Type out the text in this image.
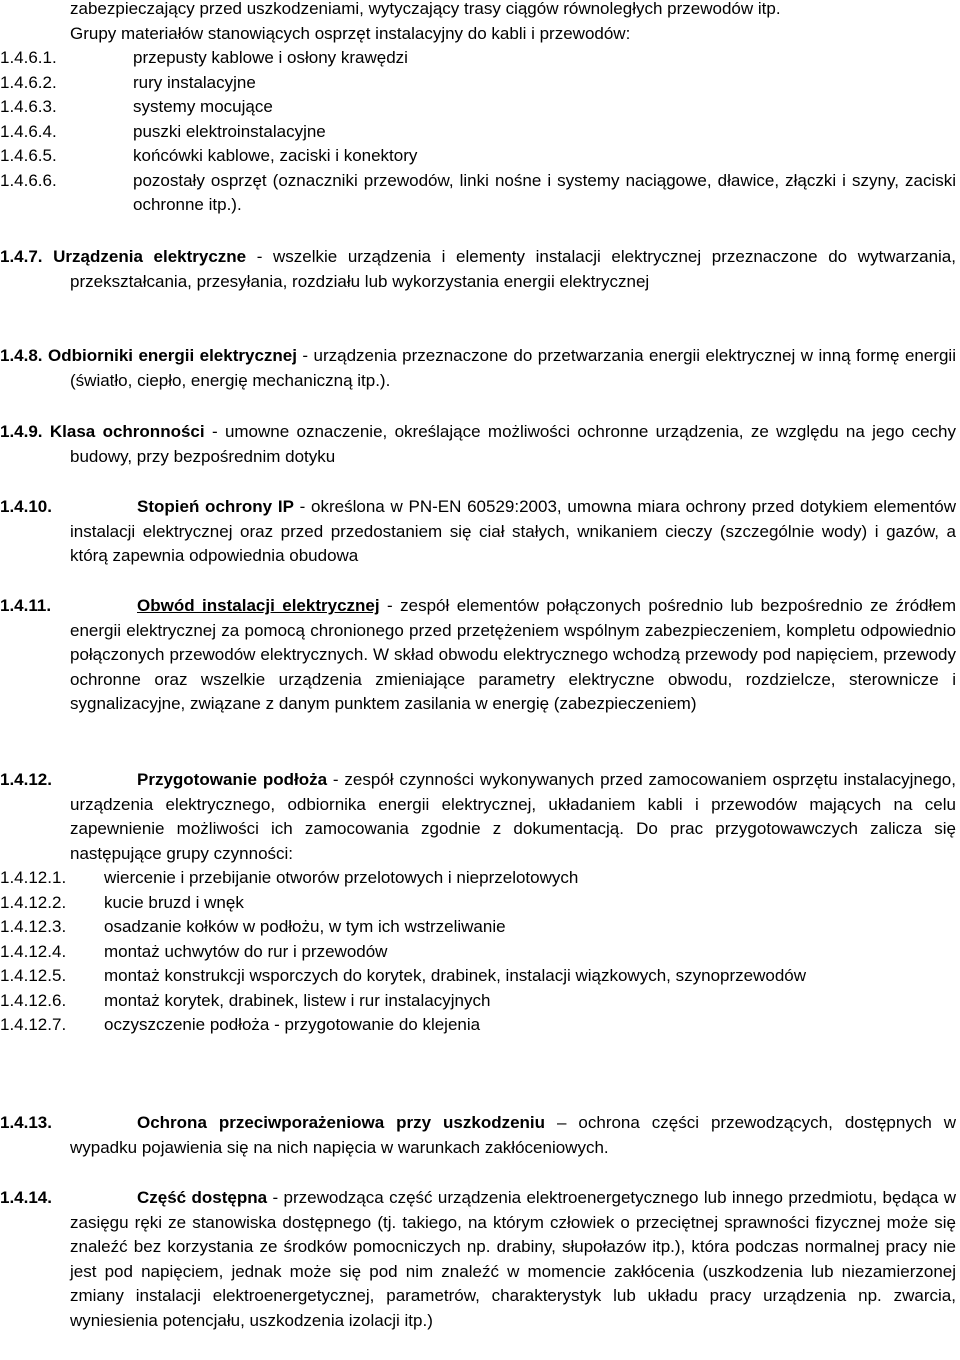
zabezpieczający przed uszkodzeniami, wytyczający trasy ciągów równoległych przewodów itp.
Grupy materiałów stanowiących osprzęt instalacyjny do kabli i przewodów:
1.4.6.1.	przepusty kablowe i osłony krawędzi
1.4.6.2.	rury instalacyjne
1.4.6.3.	systemy mocujące
1.4.6.4.	puszki elektroinstalacyjne
1.4.6.5.	końcówki kablowe, zaciski i konektory
1.4.6.6.	pozostały osprzęt (oznaczniki przewodów, linki nośne i systemy naciągowe, dławice, złączki i szyny, zaciski ochronne itp.).
1.4.7. Urządzenia elektryczne - wszelkie urządzenia i elementy instalacji elektrycznej przeznaczone do wytwarzania, przekształcania, przesyłania, rozdziału lub wykorzystania energii elektrycznej
1.4.8. Odbiorniki energii elektrycznej - urządzenia przeznaczone do przetwarzania energii elektrycznej w inną formę energii (światło, ciepło, energię mechaniczną itp.).
1.4.9. Klasa ochronności - umowne oznaczenie, określające możliwości ochronne urządzenia, ze względu na jego cechy budowy, przy bezpośrednim dotyku
1.4.10.	Stopień ochrony IP - określona w PN-EN 60529:2003, umowna miara ochrony przed dotykiem elementów instalacji elektrycznej oraz przed przedostaniem się ciał stałych, wnikaniem cieczy (szczególnie wody) i gazów, a którą zapewnia odpowiednia obudowa
1.4.11.	Obwód instalacji elektrycznej - zespół elementów połączonych pośrednio lub bezpośrednio ze źródłem energii elektrycznej za pomocą chronionego przed przetężeniem wspólnym zabezpieczeniem, kompletu odpowiednio połączonych przewodów elektrycznych. W skład obwodu elektrycznego wchodzą przewody pod napięciem, przewody ochronne oraz wszelkie urządzenia zmieniające parametry elektryczne obwodu, rozdzielcze, sterownicze i sygnalizacyjne, związane z danym punktem zasilania w energię (zabezpieczeniem)
1.4.12.	Przygotowanie podłoża - zespół czynności wykonywanych przed zamocowaniem osprzętu instalacyjnego, urządzenia elektrycznego, odbiornika energii elektrycznej, układaniem kabli i przewodów mających na celu zapewnienie możliwości ich zamocowania zgodnie z dokumentacją. Do prac przygotowawczych zalicza się następujące grupy czynności:
1.4.12.1.	wiercenie i przebijanie otworów przelotowych i nieprzelotowych
1.4.12.2.	kucie bruzd i wnęk
1.4.12.3.	osadzanie kołków w podłożu, w tym ich wstrzeliwanie
1.4.12.4.	montaż uchwytów do rur i przewodów
1.4.12.5.	montaż konstrukcji wsporczych do korytek, drabinek, instalacji wiązkowych, szynoprzewodów
1.4.12.6.	montaż korytek, drabinek, listew i rur instalacyjnych
1.4.12.7.	oczyszczenie podłoża - przygotowanie do klejenia
1.4.13.	Ochrona przeciwporażeniowa przy uszkodzeniu – ochrona części przewodzących, dostępnych w wypadku pojawienia się na nich napięcia w warunkach zakłóceniowych.
1.4.14.	Część dostępna - przewodząca część urządzenia elektroenergetycznego lub innego przedmiotu, będąca w zasięgu ręki ze stanowiska dostępnego (tj. takiego, na którym człowiek o przeciętnej sprawności fizycznej może się znaleźć bez korzystania ze środków pomocniczych np. drabiny, słupołazów itp.), która podczas normalnej pracy nie jest pod napięciem, jednak może się pod nim znaleźć w momencie zakłócenia (uszkodzenia lub niezamierzonej zmiany instalacji elektroenergetycznej, parametrów, charakterystyk lub układu pracy urządzenia np. zwarcia, wyniesienia potencjału, uszkodzenia izolacji itp.)
